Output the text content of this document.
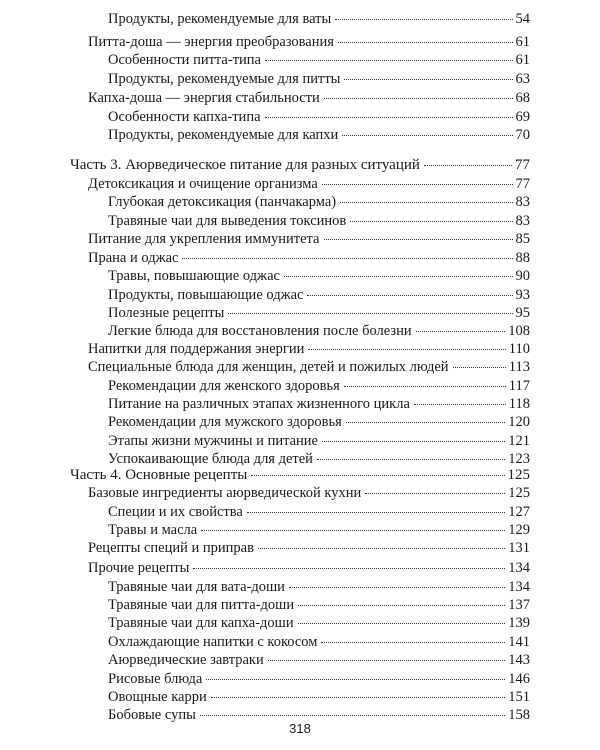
Продукты, рекомендуемые для ваты	54
Питта-доша — энергия преобразования	61
Особенности питта-типа	61
Продукты, рекомендуемые для питты	63
Капха-доша — энергия стабильности	68
Особенности капха-типа	69
Продукты, рекомендуемые для капхи	70
Часть 3. Аюрведическое питание для разных ситуаций	77
Детоксикация и очищение организма	77
Глубокая детоксикация (панчакарма)	83
Травяные чаи для выведения токсинов	83
Питание для укрепления иммунитета	85
Прана и оджас	88
Травы, повышающие оджас	90
Продукты, повышающие оджас	93
Полезные рецепты	95
Легкие блюда для восстановления после болезни	108
Напитки для поддержания энергии	110
Специальные блюда для женщин, детей и пожилых людей	113
Рекомендации для женского здоровья	117
Питание на различных этапах жизненного цикла	118
Рекомендации для мужского здоровья	120
Этапы жизни мужчины и питание	121
Успокаивающие блюда для детей	123
Часть 4. Основные рецепты	125
Базовые ингредиенты аюрведической кухни	125
Специи и их свойства	127
Травы и масла	129
Рецепты специй и приправ	131
Прочие рецепты	134
Травяные чаи для вата-доши	134
Травяные чаи для питта-доши	137
Травяные чаи для капха-доши	139
Охлаждающие напитки с кокосом	141
Аюрведические завтраки	143
Рисовые блюда	146
Овощные карри	151
Бобовые супы	158
318
